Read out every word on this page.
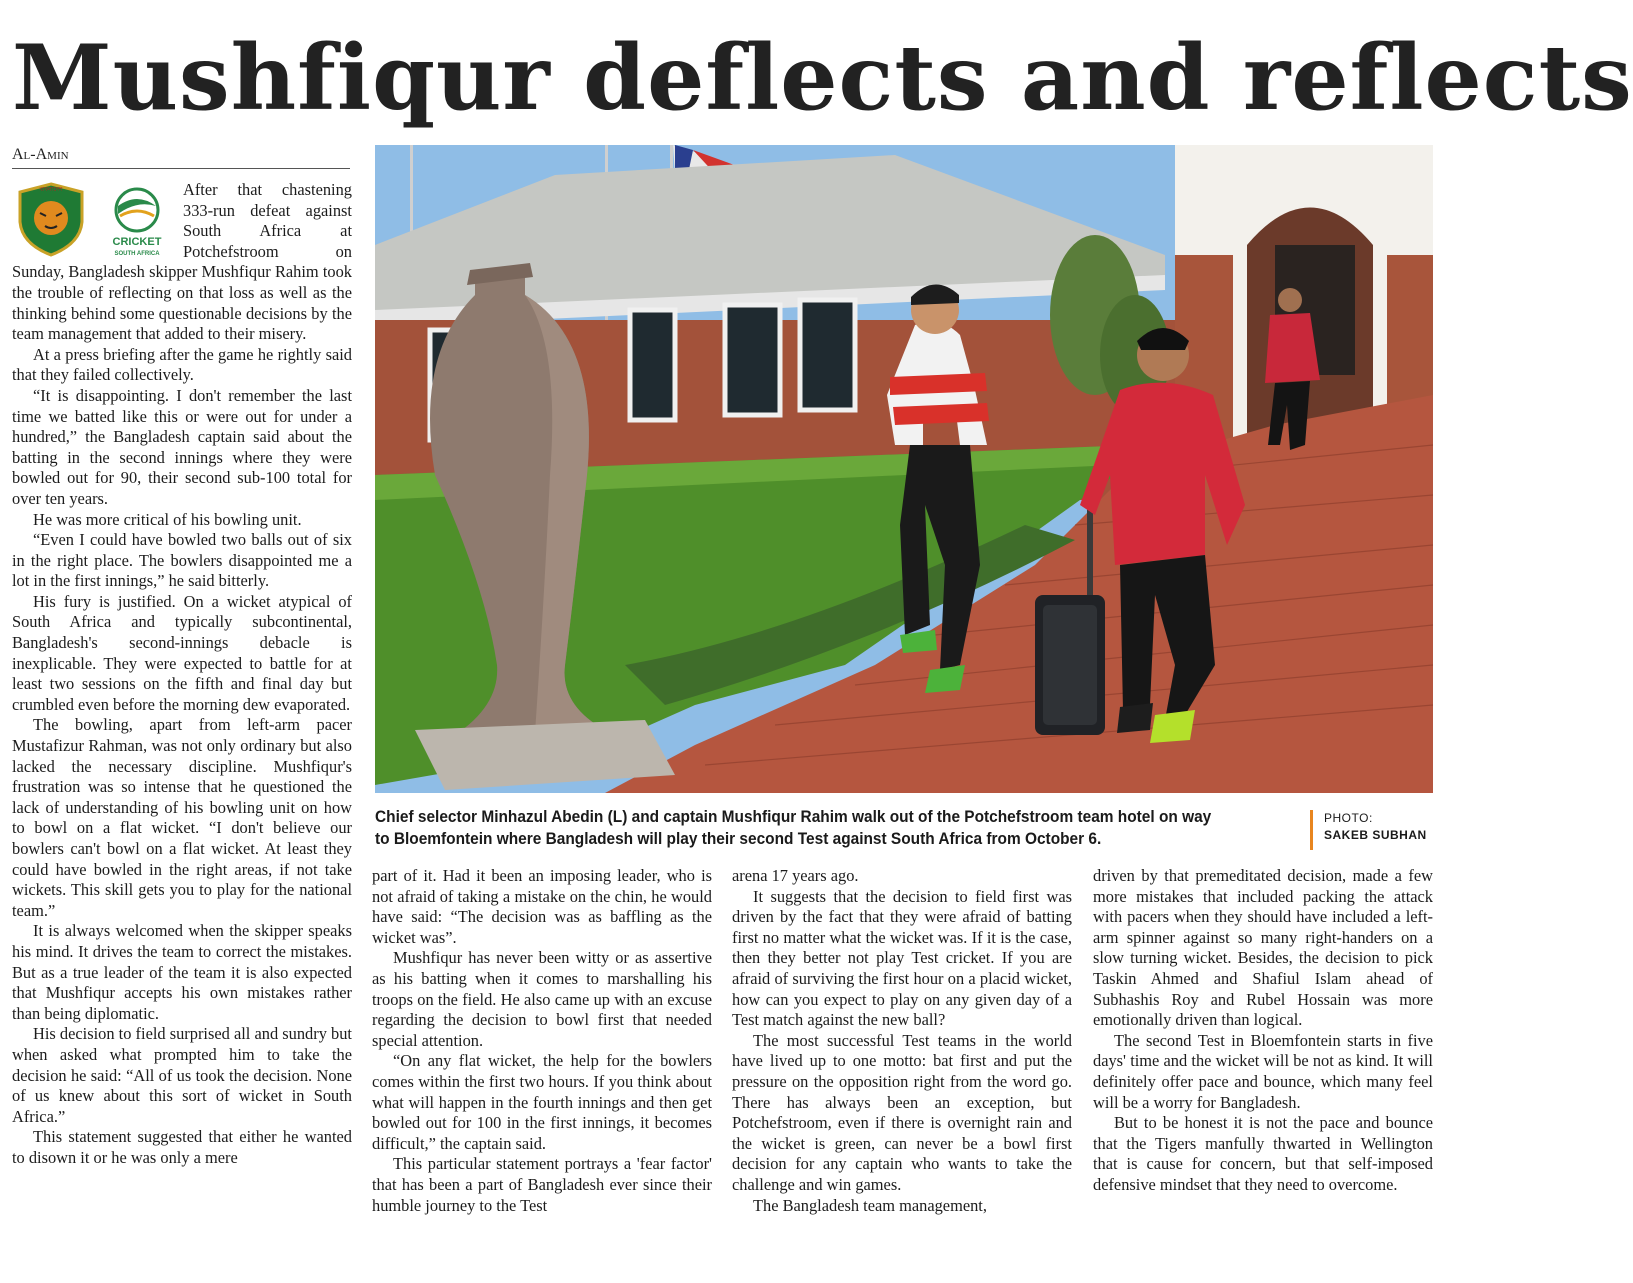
Mushfiqur deflects and reflects
Al-Amin
Chief selector Minhazul Abedin (L) and captain Mushfiqur Rahim walk out of the Potchefstroom team hotel on way to Bloemfontein where Bangladesh will play their second Test against South Africa from October 6.
PHOTO:
SAKEB SUBHAN
বাংলাদেশ
CRICKET
SOUTH AFRICA

After that chastening 333-run defeat against South Africa at Potchefstroom on Sunday, Bangladesh skipper Mushfiqur Rahim took the trouble of reflecting on that loss as well as the thinking behind some questionable decisions by the team management that added to their misery.

At a press briefing after the game he rightly said that they failed collectively.

“It is disappointing. I don't remember the last time we batted like this or were out for under a hundred,” the Bangladesh captain said about the batting in the second innings where they were bowled out for 90, their second sub-100 total for over ten years.

He was more critical of his bowling unit.

“Even I could have bowled two balls out of six in the right place. The bowlers disappointed me a lot in the first innings,” he said bitterly.

His fury is justified. On a wicket atypical of South Africa and typically subcontinental, Bangladesh's second-innings debacle is inexplicable. They were expected to battle for at least two sessions on the fifth and final day but crumbled even before the morning dew evaporated.

The bowling, apart from left-arm pacer Mustafizur Rahman, was not only ordinary but also lacked the necessary discipline. Mushfiqur's frustration was so intense that he questioned the lack of understanding of his bowling unit on how to bowl on a flat wicket. “I don't believe our bowlers can't bowl on a flat wicket. At least they could have bowled in the right areas, if not take wickets. This skill gets you to play for the national team.”

It is always welcomed when the skipper speaks his mind. It drives the team to correct the mistakes. But as a true leader of the team it is also expected that Mushfiqur accepts his own mistakes rather than being diplomatic.

His decision to field surprised all and sundry but when asked what prompted him to take the decision he said: “All of us took the decision. None of us knew about this sort of wicket in South Africa.”

This statement suggested that either he wanted to disown it or he was only a mere

part of it. Had it been an imposing leader, who is not afraid of taking a mistake on the chin, he would have said: “The decision was as baffling as the wicket was”.

Mushfiqur has never been witty or as assertive as his batting when it comes to marshalling his troops on the field. He also came up with an excuse regarding the decision to bowl first that needed special attention.

“On any flat wicket, the help for the bowlers comes within the first two hours. If you think about what will happen in the fourth innings and then get bowled out for 100 in the first innings, it becomes difficult,” the captain said.

This particular statement portrays a 'fear factor' that has been a part of Bangladesh ever since their humble journey to the Test

arena 17 years ago.

It suggests that the decision to field first was driven by the fact that they were afraid of batting first no matter what the wicket was. If it is the case, then they better not play Test cricket. If you are afraid of surviving the first hour on a placid wicket, how can you expect to play on any given day of a Test match against the new ball?

The most successful Test teams in the world have lived up to one motto: bat first and put the pressure on the opposition right from the word go. There has always been an exception, but Potchefstroom, even if there is overnight rain and the wicket is green, can never be a bowl first decision for any captain who wants to take the challenge and win games.

The Bangladesh team management,

driven by that premeditated decision, made a few more mistakes that included packing the attack with pacers when they should have included a left-arm spinner against so many right-handers on a slow turning wicket. Besides, the decision to pick Taskin Ahmed and Shafiul Islam ahead of Subhashis Roy and Rubel Hossain was more emotionally driven than logical.

The second Test in Bloemfontein starts in five days' time and the wicket will be not as kind. It will definitely offer pace and bounce, which many feel will be a worry for Bangladesh.

But to be honest it is not the pace and bounce that the Tigers manfully thwarted in Wellington that is cause for concern, but that self-imposed defensive mindset that they need to overcome.
